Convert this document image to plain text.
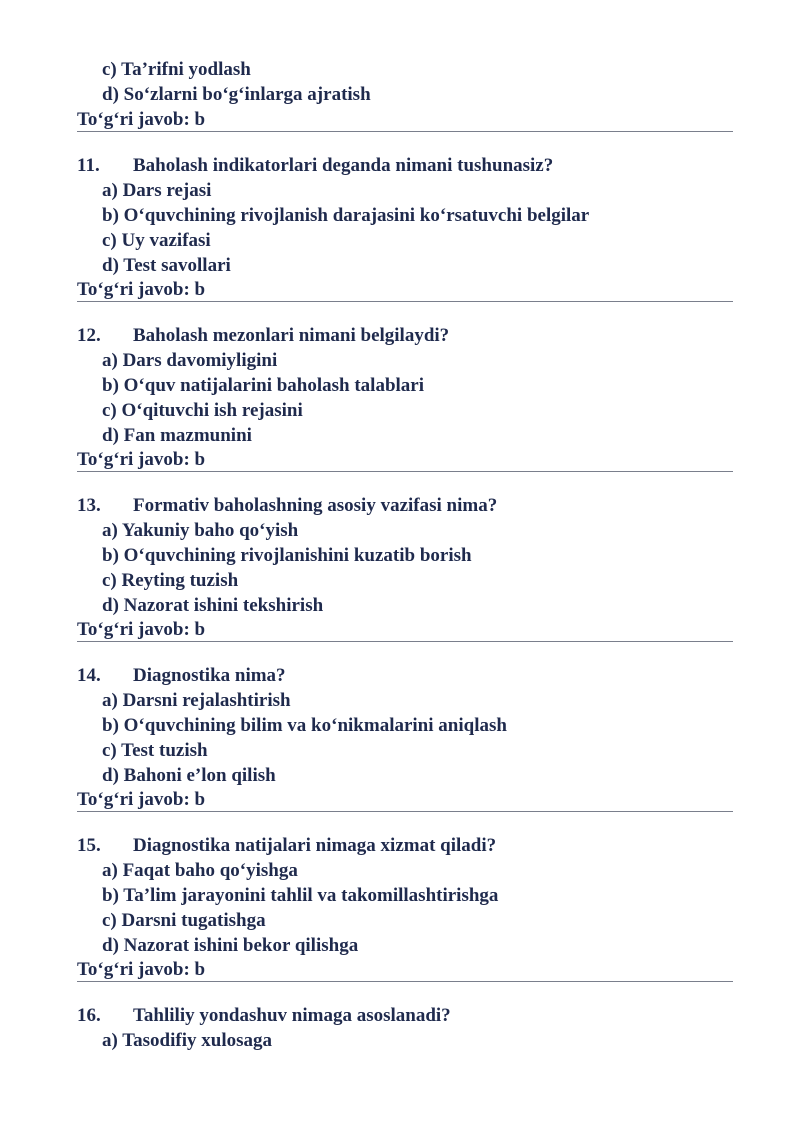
c) Ta’rifni yodlash
d) So‘zlarni bo‘g‘inlarga ajratish
To‘g‘ri javob: b
11. Baholash indikatorlari deganda nimani tushunasiz?
a) Dars rejasi
b) O‘quvchining rivojlanish darajasini ko‘rsatuvchi belgilar
c) Uy vazifasi
d) Test savollari
To‘g‘ri javob: b
12. Baholash mezonlari nimani belgilaydi?
a) Dars davomiyligini
b) O‘quv natijalarini baholash talablari
c) O‘qituvchi ish rejasini
d) Fan mazmunini
To‘g‘ri javob: b
13. Formativ baholashning asosiy vazifasi nima?
a) Yakuniy baho qo‘yish
b) O‘quvchining rivojlanishini kuzatib borish
c) Reyting tuzish
d) Nazorat ishini tekshirish
To‘g‘ri javob: b
14. Diagnostika nima?
a) Darsni rejalashtirish
b) O‘quvchining bilim va ko‘nikmalarini aniqlash
c) Test tuzish
d) Bahoni e’lon qilish
To‘g‘ri javob: b
15. Diagnostika natijalari nimaga xizmat qiladi?
a) Faqat baho qo‘yishga
b) Ta’lim jarayonini tahlil va takomillashtirishga
c) Darsni tugatishga
d) Nazorat ishini bekor qilishga
To‘g‘ri javob: b
16. Tahliliy yondashuv nimaga asoslanadi?
a) Tasodifiy xulosaga
